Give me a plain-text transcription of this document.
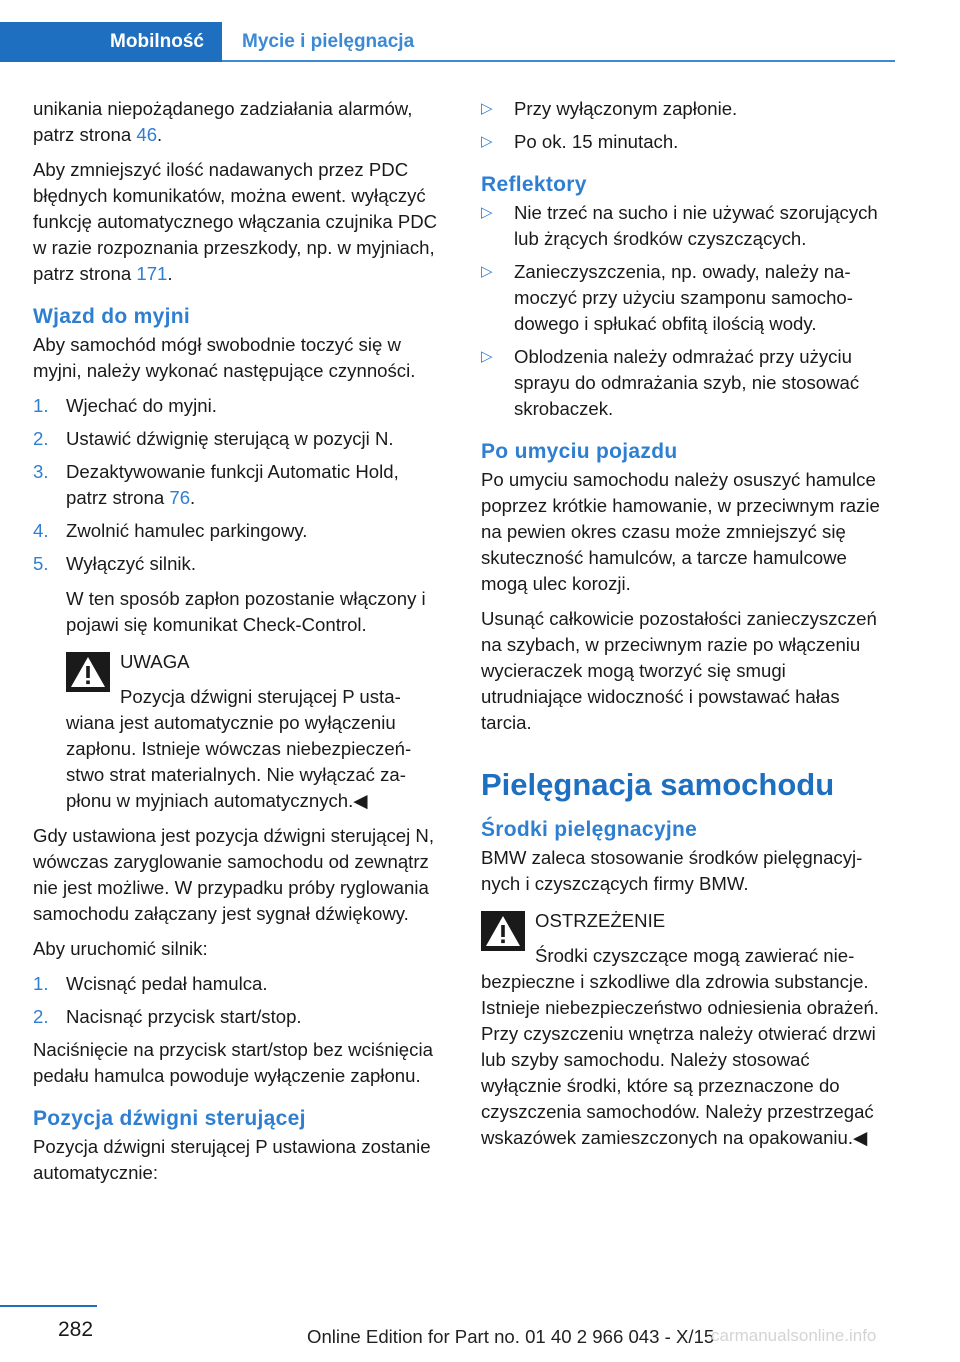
Mobilność	Mycie i pielęgnacja

unikania niepożądanego zadziałania alarmów, patrz strona 46.

Aby zmniejszyć ilość nadawanych przez PDC błędnych komunikatów, można ewent. wyłączyć funkcję automatycznego włączania czujnika PDC w razie rozpoznania przeszkody, np. w myjniach, patrz strona 171.

Wjazd do myjni

Aby samochód mógł swobodnie toczyć się w myjni, należy wykonać następujące czynności.

1. Wjechać do myjni.
2. Ustawić dźwignię sterującą w pozycji N.
3. Dezaktywowanie funkcji Automatic Hold, patrz strona 76.
4. Zwolnić hamulec parkingowy.
5. Wyłączyć silnik.
W ten sposób zapłon pozostanie włączony i pojawi się komunikat Check-Control.
UWAGA
Pozycja dźwigni sterującej P ustawiana jest automatycznie po wyłączeniu zapłonu. Istnieje wówczas niebezpieczeństwo strat materialnych. Nie wyłączać zapłonu w myjniach automatycznych.◀

Gdy ustawiona jest pozycja dźwigni sterującej N, wówczas zaryglowanie samochodu od zewnątrz nie jest możliwe. W przypadku próby ryglowania samochodu załączany jest sygnał dźwiękowy.

Aby uruchomić silnik:

1. Wcisnąć pedał hamulca.
2. Nacisnąć przycisk start/stop.

Naciśnięcie na przycisk start/stop bez wciśnięcia pedału hamulca powoduje wyłączenie zapłonu.

Pozycja dźwigni sterującej

Pozycja dźwigni sterującej P ustawiona zostanie automatycznie:

▷ Przy wyłączonym zapłonie.
▷ Po ok. 15 minutach.
Reflektory
▷ Nie trzeć na sucho i nie używać szorujących lub żrących środków czyszczących.
▷ Zanieczyszczenia, np. owady, należy namoczyć przy użyciu szamponu samochodowego i spłukać obfitą ilością wody.
▷ Oblodzenia należy odmrażać przy użyciu sprayu do odmrażania szyb, nie stosować skrobaczek.
Po umyciu pojazdu

Po umyciu samochodu należy osuszyć hamulce poprzez krótkie hamowanie, w przeciwnym razie na pewien okres czasu może zmniejszyć się skuteczność hamulców, a tarcze hamulcowe mogą ulec korozji.

Usunąć całkowicie pozostałości zanieczyszczeń na szybach, w przeciwnym razie po włączeniu wycieraczek mogą tworzyć się smugi utrudniające widoczność i powstawać hałas tarcia.

Pielęgnacja samochodu
Środki pielęgnacyjne

BMW zaleca stosowanie środków pielęgnacyjnych i czyszczących firmy BMW.

OSTRZEŻENIE
Środki czyszczące mogą zawierać niebezpieczne i szkodliwe dla zdrowia substancje. Istnieje niebezpieczeństwo odniesienia obrażeń. Przy czyszczeniu wnętrza należy otwierać drzwi lub szyby samochodu. Należy stosować wyłącznie środki, które są przeznaczone do czyszczenia samochodów. Należy przestrzegać wskazówek zamieszczonych na opakowaniu.◀
282	Online Edition for Part no. 01 40 2 966 043 - X/15
carmanualsonline.info
